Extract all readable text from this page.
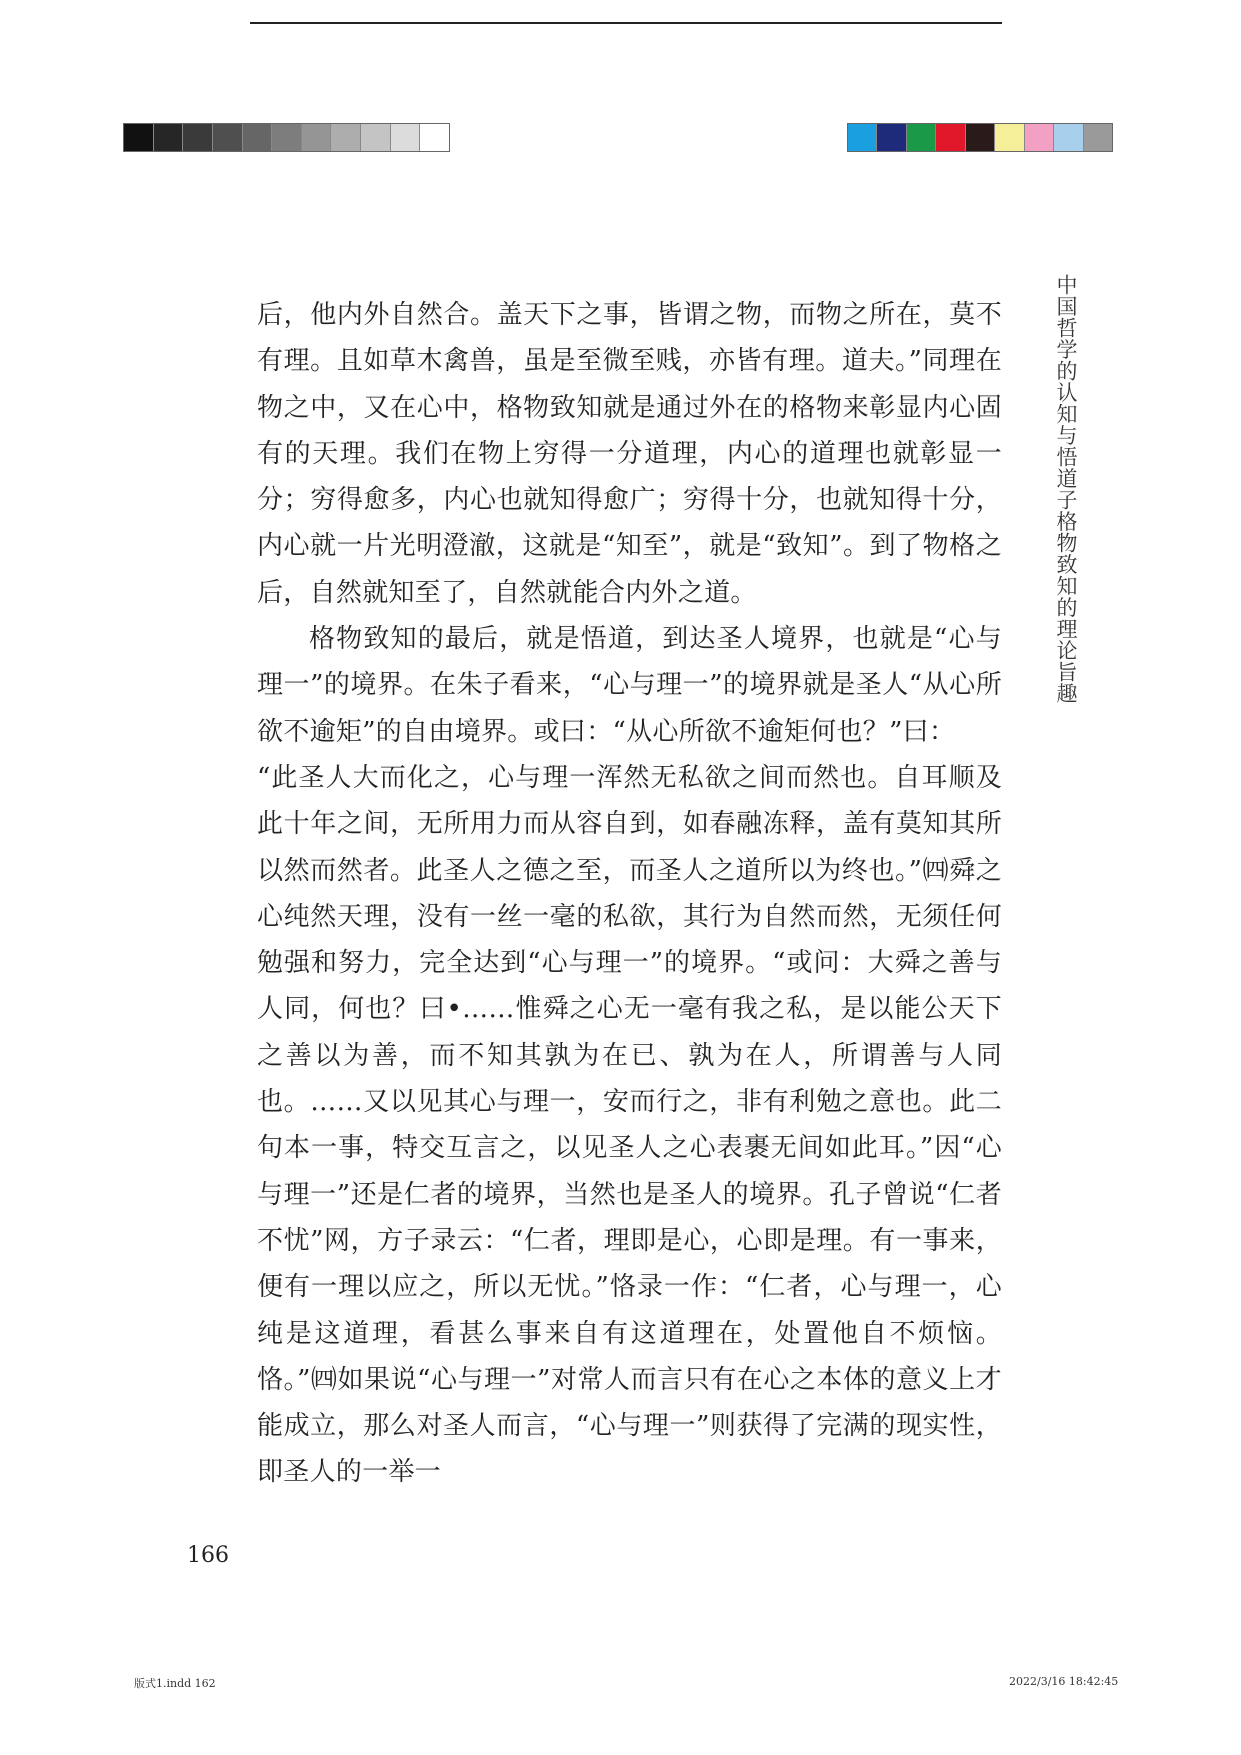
后，他内外自然合。盖天下之事，皆谓之物，而物之所在，莫不有理。且如草木禽兽，虽是至微至贱，亦皆有理。道夫。”同理在物之中，又在心中，格物致知就是通过外在的格物来彰显内心固有的天理。我们在物上穷得一分道理，内心的道理也就彰显一分；穷得愈多，内心也就知得愈广；穷得十分，也就知得十分，内心就一片光明澄澈，这就是“知至”，就是“致知”。到了物格之后，自然就知至了，自然就能合内外之道。

格物致知的最后，就是悟道，到达圣人境界，也就是“心与理一”的境界。在朱子看来，“心与理一”的境界就是圣人“从心所欲不逾矩”的自由境界。或曰：“从心所欲不逾矩何也？”曰：

“此圣人大而化之，心与理一浑然无私欲之间而然也。自耳顺及此十年之间，无所用力而从容自到，如春融冻释，盖有莫知其所以然而然者。此圣人之德之至，而圣人之道所以为终也。”㈣舜之心纯然天理，没有一丝一毫的私欲，其行为自然而然，无须任何勉强和努力，完全达到“心与理一”的境界。“或问：大舜之善与人同，何也？曰•……惟舜之心无一毫有我之私，是以能公天下之善以为善，而不知其孰为在已、孰为在人，所谓善与人同也。……又以见其心与理一，安而行之，非有利勉之意也。此二句本一事，特交互言之，以见圣人之心表裹无间如此耳。”因“心与理一”还是仁者的境界，当然也是圣人的境界。孔子曾说“仁者不忧”网，方子录云：“仁者，理即是心，心即是理。有一事来，便有一理以应之，所以无忧。”恪录一作：“仁者，心与理一，心纯是这道理，看甚么事来自有这道理在，处置他自不烦恼。恪。”㈣如果说“心与理一”对常人而言只有在心之本体的意义上才能成立，那么对圣人而言，“心与理一”则获得了完满的现实性，即圣人的一举一

中国哲学的认知与悟道子格物致知的理论旨趣

166

版式1.indd 162	2022/3/16 18:42:45
